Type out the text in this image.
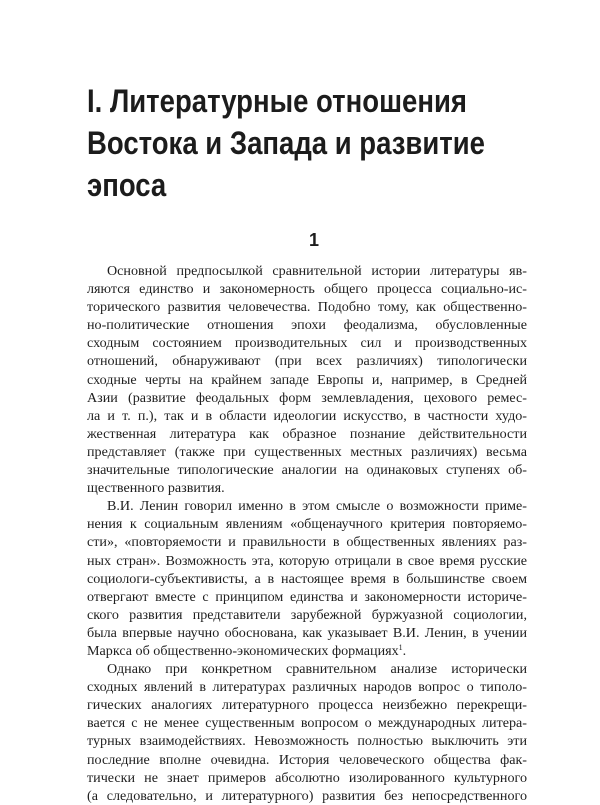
I. Литературные отношения
Востока и Запада и развитие
эпоса
1

Основной предпосылкой сравнительной истории литературы яв-
ляются единство и закономерность общего процесса социально-ис-
торического развития человечества. Подобно тому, как общественно-
но-политические отношения эпохи феодализма, обусловленные
сходным состоянием производительных сил и производственных
отношений, обнаруживают (при всех различиях) типологически
сходные черты на крайнем западе Европы и, например, в Средней
Азии (развитие феодальных форм землевладения, цехового ремес-
ла и т. п.), так и в области идеологии искусство, в частности худо-
жественная литература как образное познание действительности
представляет (также при существенных местных различиях) весьма
значительные типологические аналогии на одинаковых ступенях об-
щественного развития.

В.И. Ленин говорил именно в этом смысле о возможности приме-
нения к социальным явлениям «общенаучного критерия повторяемо-
сти», «повторяемости и правильности в общественных явлениях раз-
ных стран». Возможность эта, которую отрицали в свое время русские
социологи-субъективисты, а в настоящее время в большинстве своем
отвергают вместе с принципом единства и закономерности историче-
ского развития представители зарубежной буржуазной социологии,
была впервые научно обоснована, как указывает В.И. Ленин, в учении
Маркса об общественно-экономических формациях$^1$.

Однако при конкретном сравнительном анализе исторически
сходных явлений в литературах различных народов вопрос о типоло-
гических аналогиях литературного процесса неизбежно перекрещи-
вается с не менее существенным вопросом о международных литера-
турных взаимодействиях. Невозможность полностью выключить эти
последние вполне очевидна. История человеческого общества фак-
тически не знает примеров абсолютно изолированного культурного
(а следовательно, и литературного) развития без непосредственного
